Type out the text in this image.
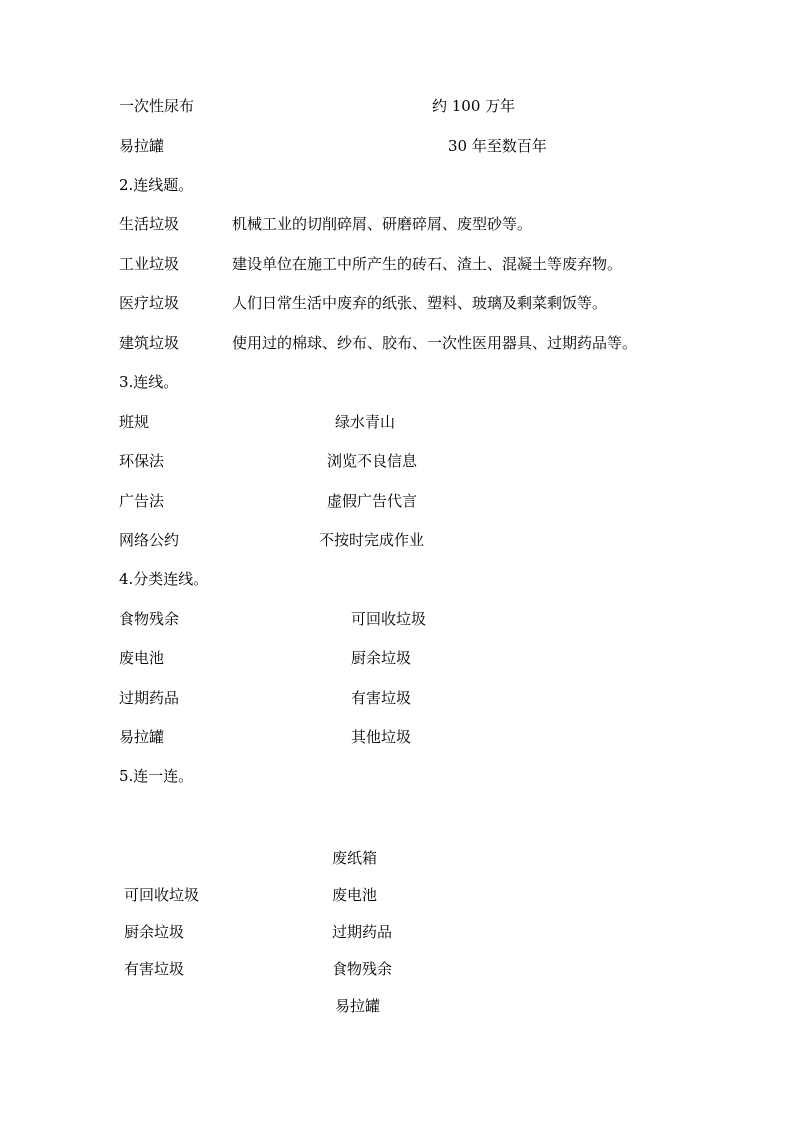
一次性尿布	约 100 万年
易拉罐	30 年至数百年
2.连线题。
生活垃圾	机械工业的切削碎屑、研磨碎屑、废型砂等。
工业垃圾	建设单位在施工中所产生的砖石、渣土、混凝土等废弃物。
医疗垃圾	人们日常生活中废弃的纸张、塑料、玻璃及剩菜剩饭等。
建筑垃圾	使用过的棉球、纱布、胶布、一次性医用器具、过期药品等。
3.连线。
班规	绿水青山
环保法	浏览不良信息
广告法	虚假广告代言
网络公约	不按时完成作业
4.分类连线。
食物残余	可回收垃圾
废电池	厨余垃圾
过期药品	有害垃圾
易拉罐	其他垃圾
5.连一连。
废纸箱
可回收垃圾	废电池
厨余垃圾	过期药品
有害垃圾	食物残余
易拉罐
